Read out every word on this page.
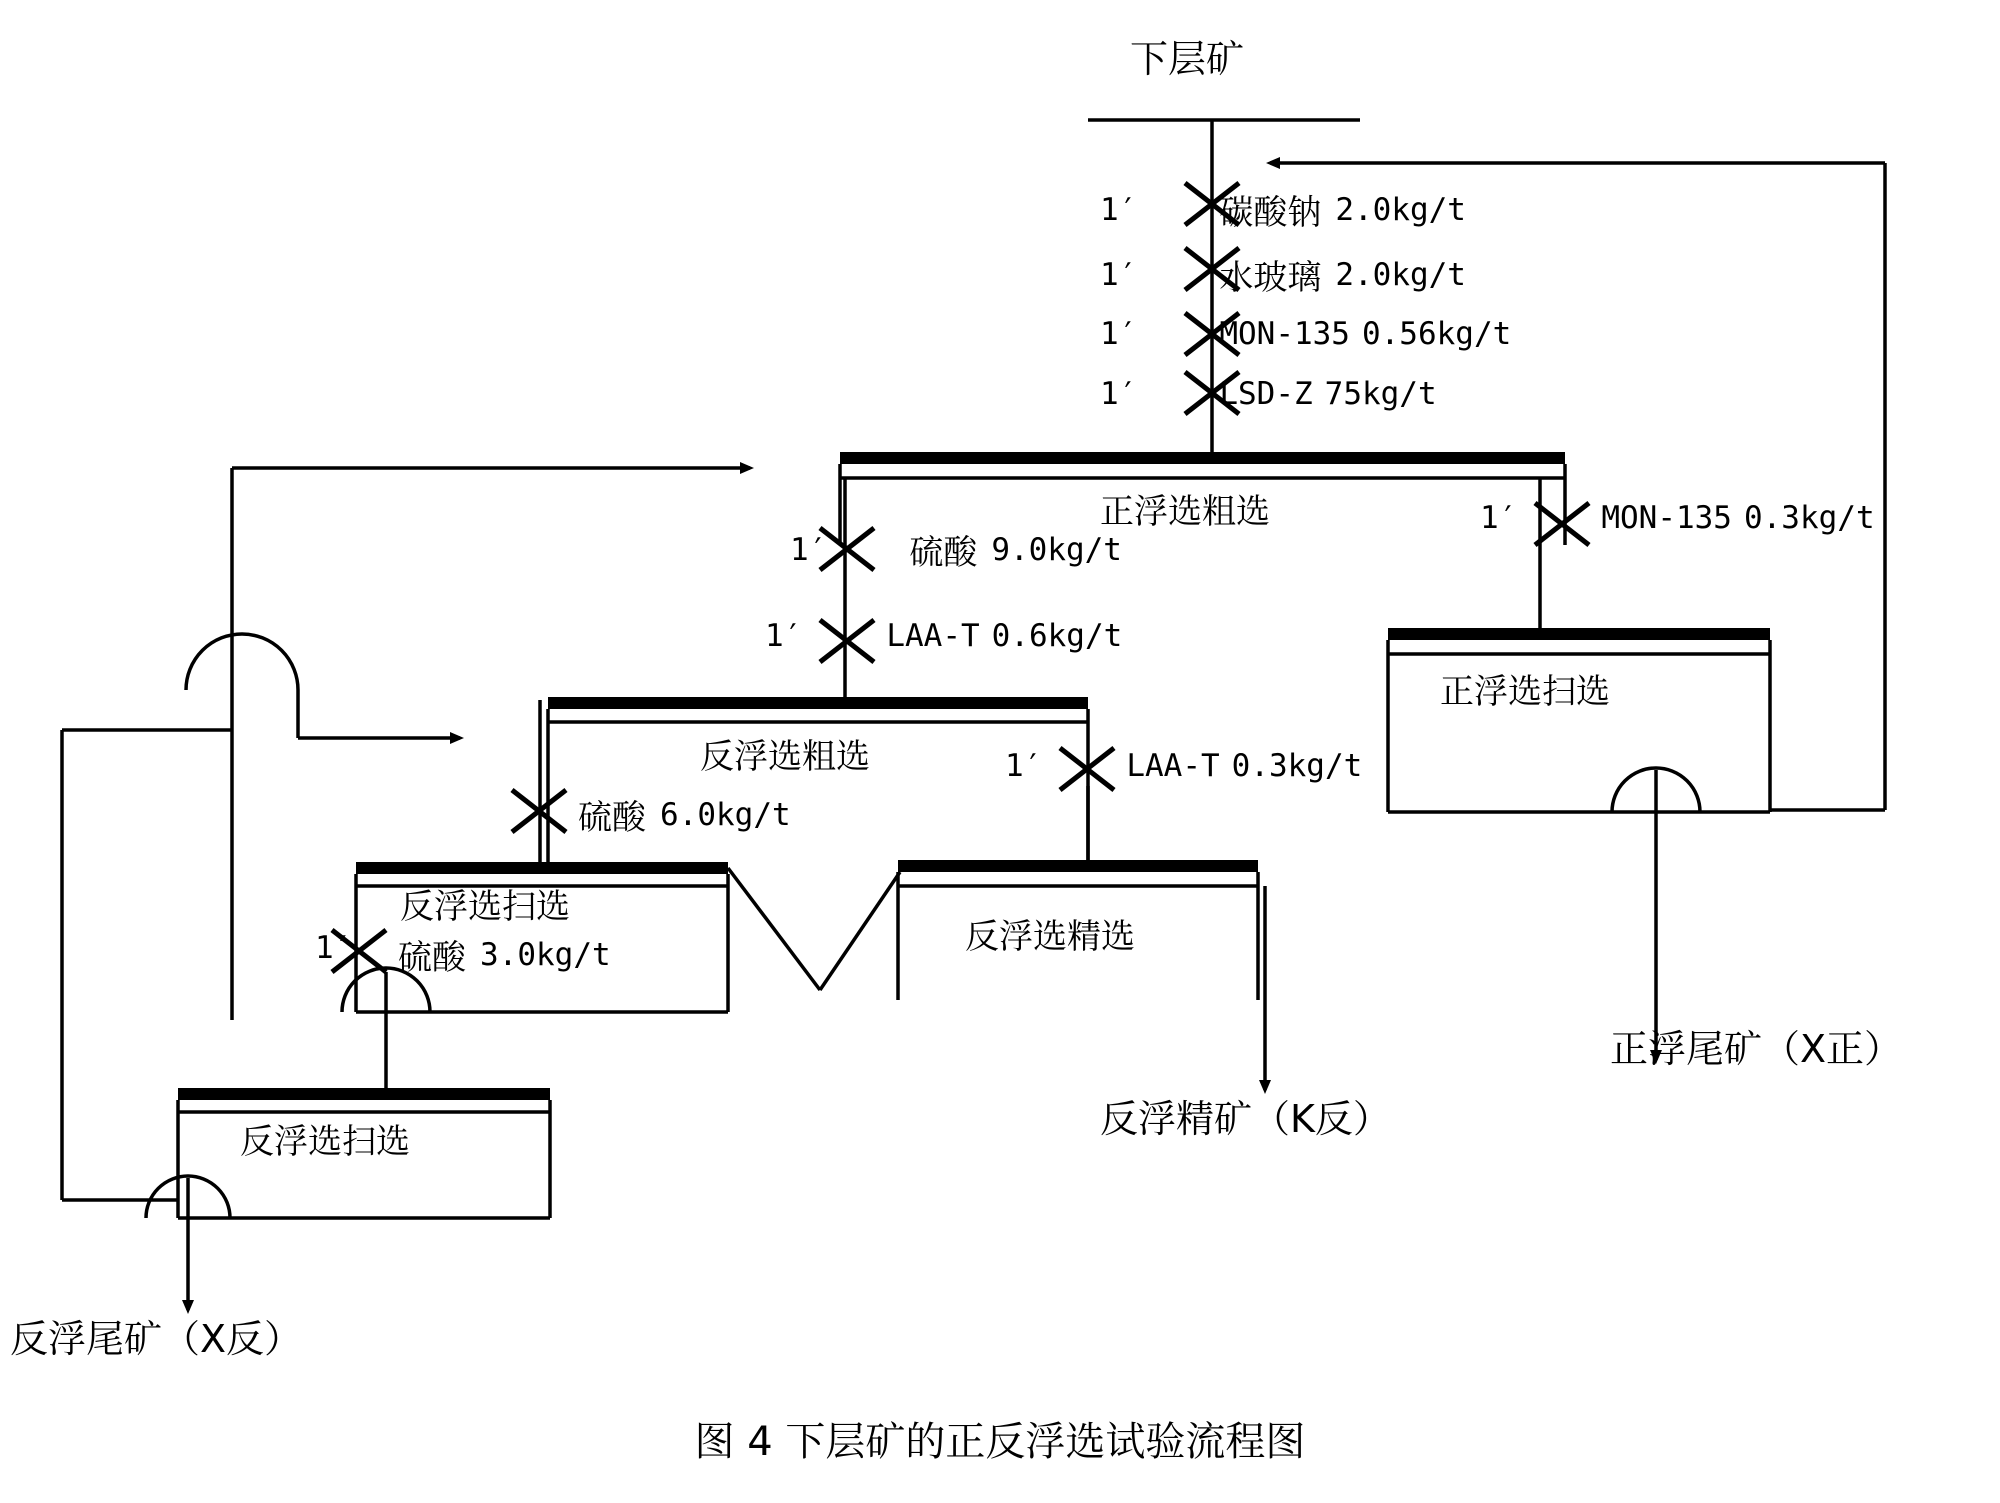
下层矿
1′ 碳酸钠 2.0kg/t
1′ 水玻璃 2.0kg/t
1′	MON-135 0.56kg/t
1′	LSD-Z 75kg/t
正浮选粗选
正浮选扫选
反浮选粗选
反浮选扫选
反浮选精选
反浮选扫选
1′	MON-135 0.3kg/t
1′ 硫酸 9.0kg/t
1′	LAA-T 0.6kg/t
1′	LAA-T 0.3kg/t
硫酸 6.0kg/t
1′ 硫酸 3.0kg/t
正浮尾矿（X正）
反浮精矿（K反）
反浮尾矿（X反）
图 4 下层矿的正反浮选试验流程图
